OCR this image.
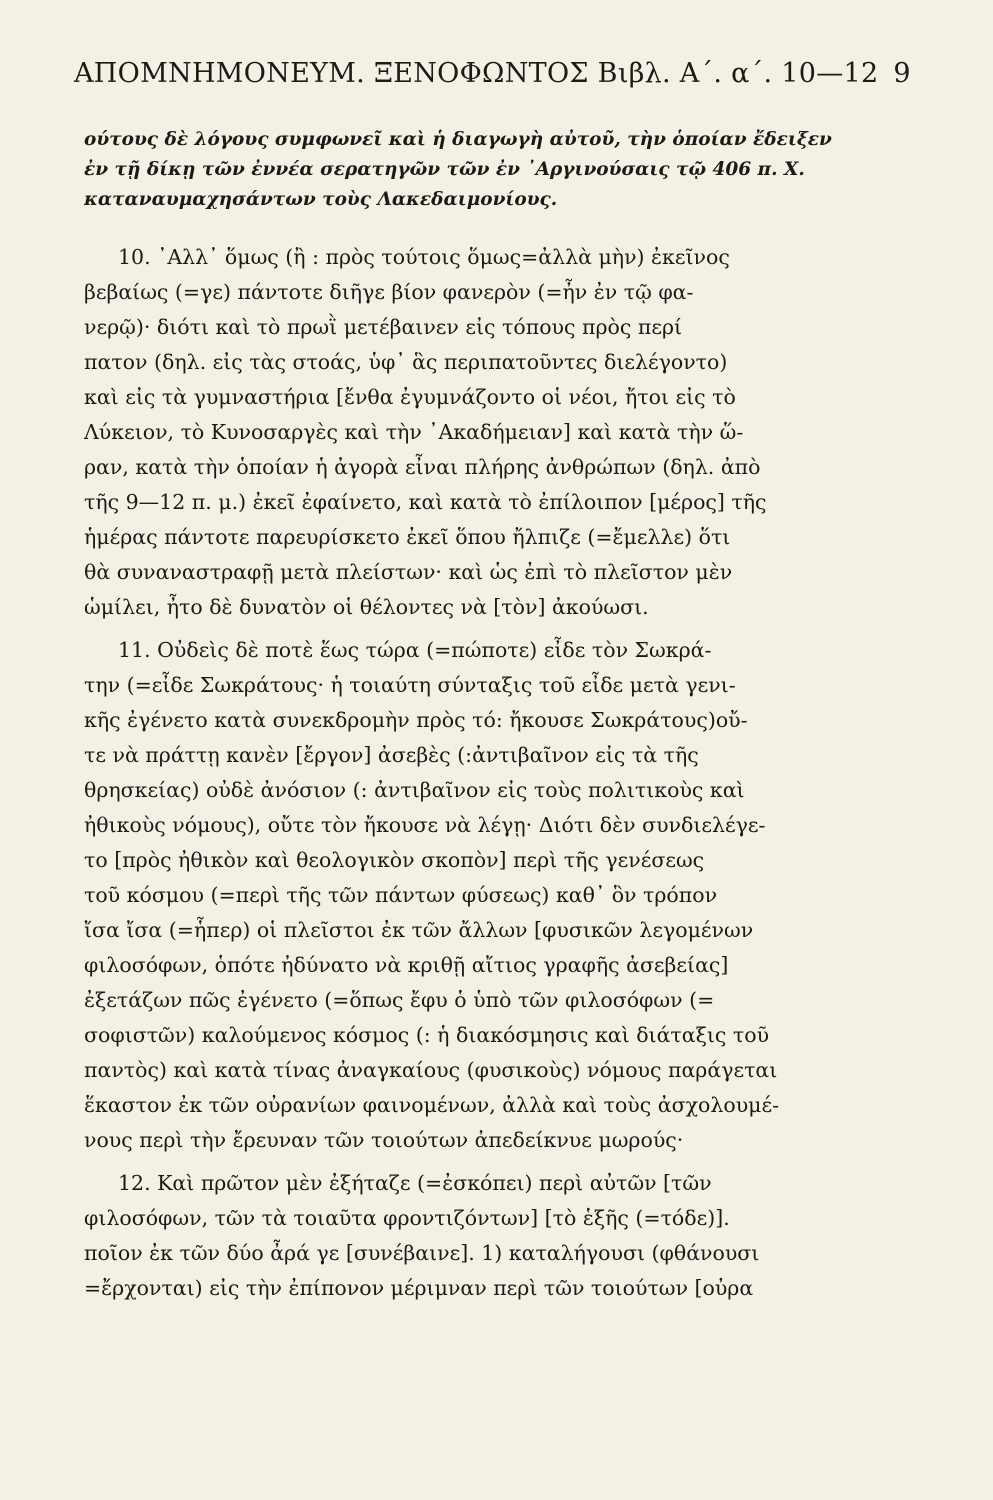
ΑΠΟΜΝΗΜΟΝΕΥΜ. ΞΕΝΟΦΩΝΤΟΣ Βιβλ. Α΄. α΄. 10—12 9
ούτους δὲ λόγους συμφωνεῖ καὶ ἡ διαγωγὴ αὐτοῦ, τὴν ὁποίαν ἔδειξεν
ἐν τῇ δίκῃ τῶν ἐννέα σερατηγῶν τῶν ἐν ᾿Αργινούσαις τῷ 406 π. Χ.
καταναυμαχησάντων τοὺς Λακεδαιμονίους.
10. ᾿Αλλ᾿ ὅμως (ἢ : πρὸς τούτοις ὅμως=ἀλλὰ μὴν) ἐκεῖνος
βεβαίως (=γε) πάντοτε διῆγε βίον φανερὸν (=ἦν ἐν τῷ φα-
νερῷ)· διότι καὶ τὸ πρωῒ μετέβαινεν εἰς τόπους πρὸς περί
πατον (δηλ. εἰς τὰς στοάς, ὑφ᾿ ἃς περιπατοῦντες διελέγοντο)
καὶ εἰς τὰ γυμναστήρια [ἔνθα ἐγυμνάζοντο οἱ νέοι, ἤτοι εἰς τὸ
Λύκειον, τὸ Κυνοσαργὲς καὶ τὴν ᾿Ακαδήμειαν] καὶ κατὰ τὴν ὥ-
ραν, κατὰ τὴν ὁποίαν ἡ ἀγορὰ εἶναι πλήρης ἀνθρώπων (δηλ. ἀπὸ
τῆς 9—12 π. μ.) ἐκεῖ ἐφαίνετο, καὶ κατὰ τὸ ἐπίλοιπον [μέρος] τῆς
ἡμέρας πάντοτε παρευρίσκετο ἐκεῖ ὅπου ἤλπιζε (=ἔμελλε) ὅτι
θὰ συναναστραφῇ μετὰ πλείστων· καὶ ὡς ἐπὶ τὸ πλεῖστον μὲν
ὡμίλει, ἦτο δὲ δυνατὸν οἱ θέλοντες νὰ [τὸν] ἀκούωσι.
11. Οὐδεὶς δὲ ποτὲ ἕως τώρα (=πώποτε) εἶδε τὸν Σωκρά-
την (=εἶδε Σωκράτους· ἡ τοιαύτη σύνταξις τοῦ εἶδε μετὰ γενι-
κῆς ἐγένετο κατὰ συνεκδρομὴν πρὸς τό: ἤκουσε Σωκράτους)οὔ-
τε νὰ πράττῃ κανὲν [ἔργον] ἀσεβὲς (:ἀντιβαῖνον εἰς τὰ τῆς
θρησκείας) οὐδὲ ἀνόσιον (: ἀντιβαῖνον εἰς τοὺς πολιτικοὺς καὶ
ἠθικοὺς νόμους), οὔτε τὸν ἤκουσε νὰ λέγῃ· Διότι δὲν συνδιελέγε-
το [πρὸς ἠθικὸν καὶ θεολογικὸν σκοπὸν] περὶ τῆς γενέσεως
τοῦ κόσμου (=περὶ τῆς τῶν πάντων φύσεως) καθ᾿ ὃν τρόπον
ἴσα ἴσα (=ἧπερ) οἱ πλεῖστοι ἐκ τῶν ἄλλων [φυσικῶν λεγομένων
φιλοσόφων, ὁπότε ἠδύνατο νὰ κριθῇ αἴτιος γραφῆς ἀσεβείας]
ἐξετάζων πῶς ἐγένετο (=ὅπως ἔφυ ὁ ὑπὸ τῶν φιλοσόφων (=
σοφιστῶν) καλούμενος κόσμος (: ἡ διακόσμησις καὶ διάταξις τοῦ
παντὸς) καὶ κατὰ τίνας ἀναγκαίους (φυσικοὺς) νόμους παράγεται
ἕκαστον ἐκ τῶν οὐρανίων φαινομένων, ἀλλὰ καὶ τοὺς ἀσχολουμέ-
νους περὶ τὴν ἔρευναν τῶν τοιούτων ἀπεδείκνυε μωρούς·
12. Καὶ πρῶτον μὲν ἐξήταζε (=ἐσκόπει) περὶ αὐτῶν [τῶν
φιλοσόφων, τῶν τὰ τοιαῦτα φροντιζόντων] [τὸ ἑξῆς (=τόδε)].
ποῖον ἐκ τῶν δύο ἆρά γε [συνέβαινε]. 1) καταλήγουσι (φθάνουσι
=ἔρχονται) εἰς τὴν ἐπίπονον μέριμναν περὶ τῶν τοιούτων [οὐρα
